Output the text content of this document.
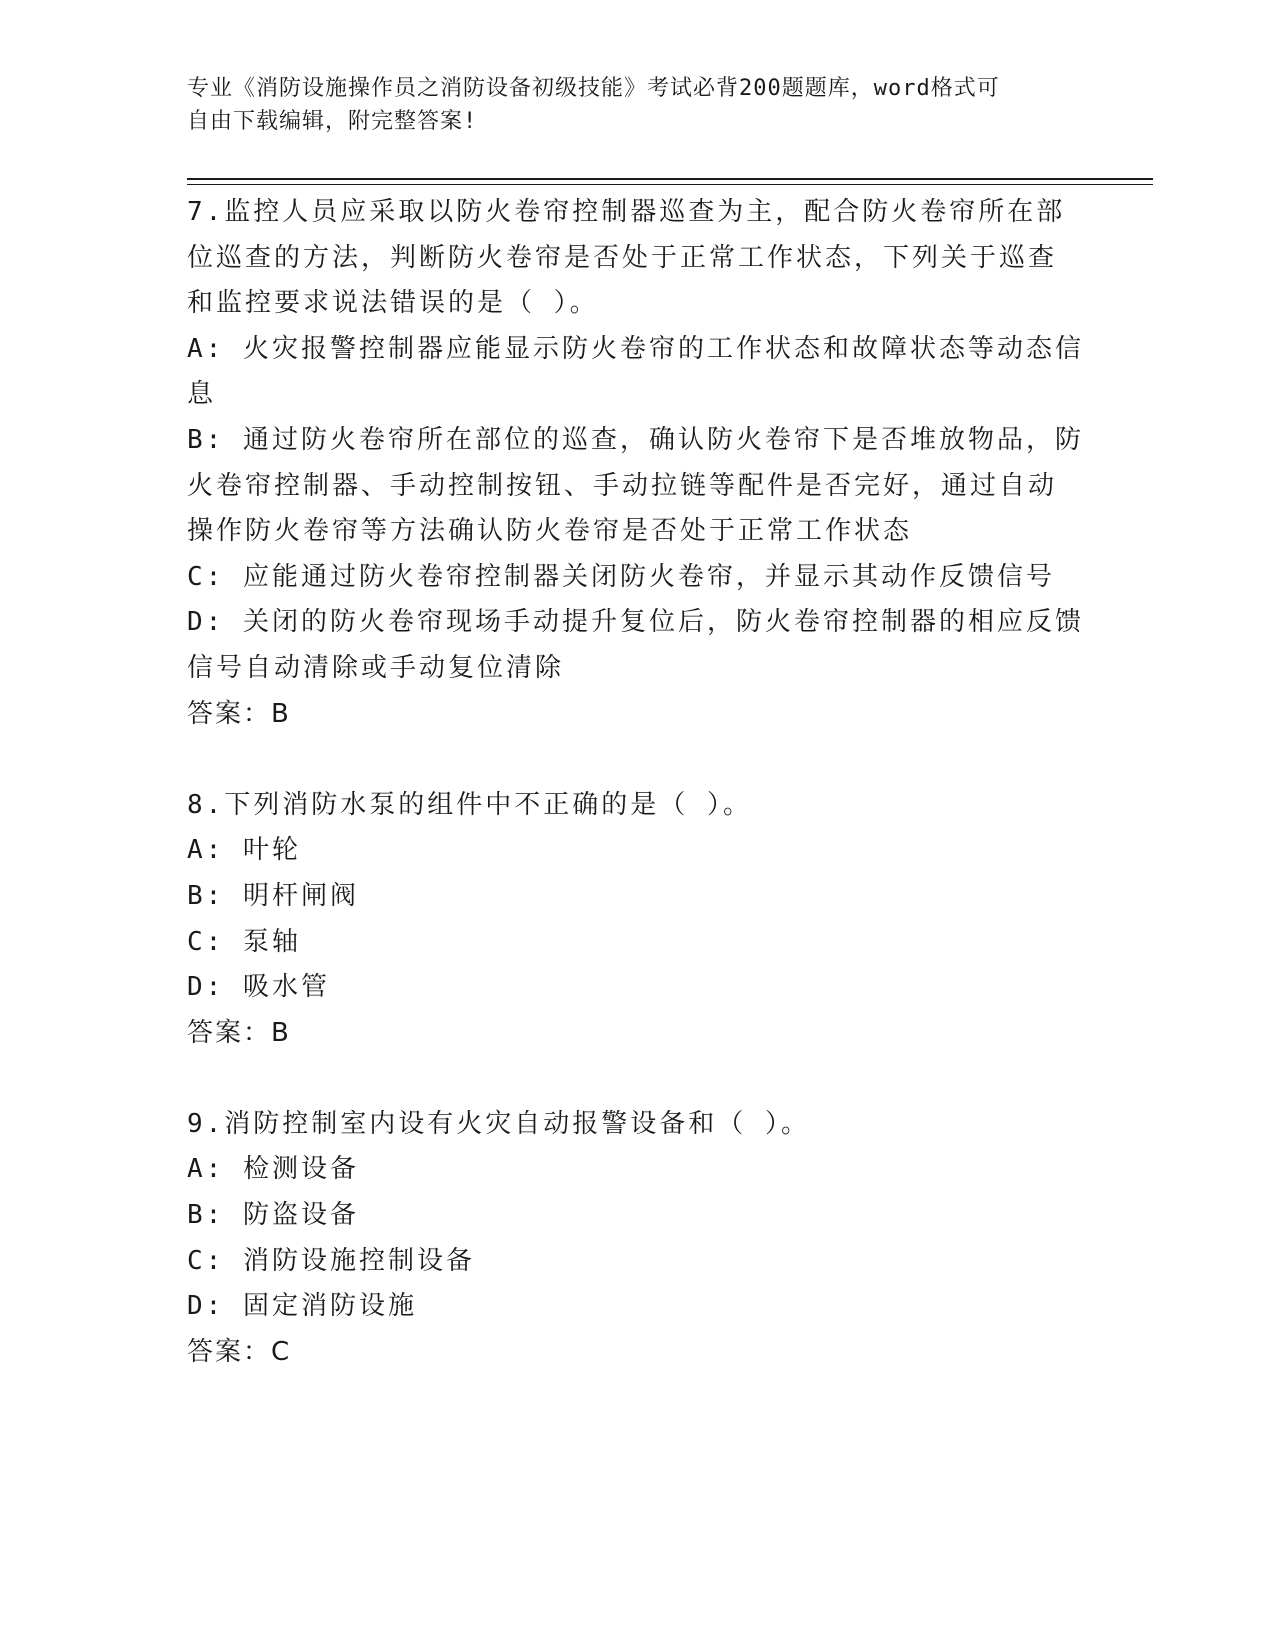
专业《消防设施操作员之消防设备初级技能》考试必背200题题库，word格式可
自由下载编辑，附完整答案!
7.监控人员应采取以防火卷帘控制器巡查为主，配合防火卷帘所在部
位巡查的方法，判断防火卷帘是否处于正常工作状态，下列关于巡查
和监控要求说法错误的是（ ）。
A: 火灾报警控制器应能显示防火卷帘的工作状态和故障状态等动态信
息
B: 通过防火卷帘所在部位的巡查，确认防火卷帘下是否堆放物品，防
火卷帘控制器、手动控制按钮、手动拉链等配件是否完好，通过自动
操作防火卷帘等方法确认防火卷帘是否处于正常工作状态
C: 应能通过防火卷帘控制器关闭防火卷帘，并显示其动作反馈信号
D: 关闭的防火卷帘现场手动提升复位后，防火卷帘控制器的相应反馈
信号自动清除或手动复位清除
答案：B
8.下列消防水泵的组件中不正确的是（ ）。
A: 叶轮
B: 明杆闸阀
C: 泵轴
D: 吸水管
答案：B
9.消防控制室内设有火灾自动报警设备和（ ）。
A: 检测设备
B: 防盗设备
C: 消防设施控制设备
D: 固定消防设施
答案：C
